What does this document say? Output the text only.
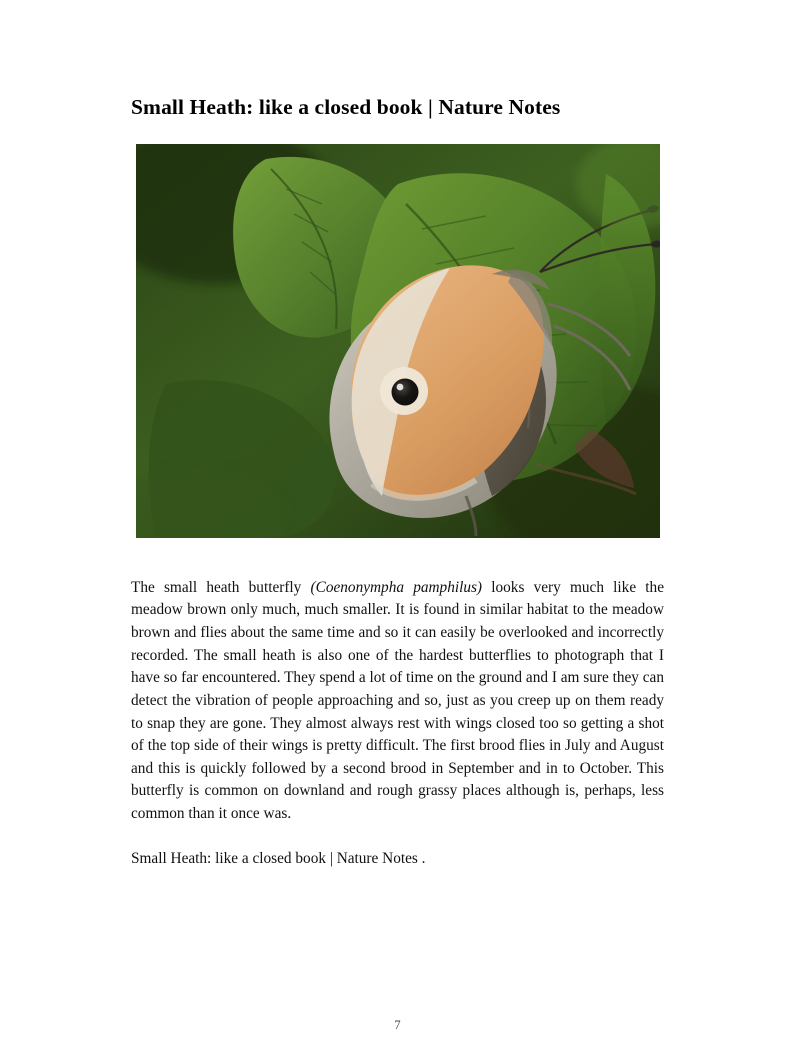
Small Heath: like a closed book | Nature Notes

The small heath butterfly (Coenonympha pamphilus) looks very much like the meadow brown only much, much smaller. It is found in similar habitat to the meadow brown and flies about the same time and so it can easily be overlooked and incorrectly recorded. The small heath is also one of the hardest butterflies to photograph that I have so far encountered. They spend a lot of time on the ground and I am sure they can detect the vibration of people approaching and so, just as you creep up on them ready to snap they are gone. They almost always rest with wings closed too so getting a shot of the top side of their wings is pretty difficult. The first brood flies in July and August and this is quickly followed by a second brood in September and in to October. This butterfly is common on downland and rough grassy places although is, perhaps, less common than it once was.

Small Heath: like a closed book | Nature Notes .

7
